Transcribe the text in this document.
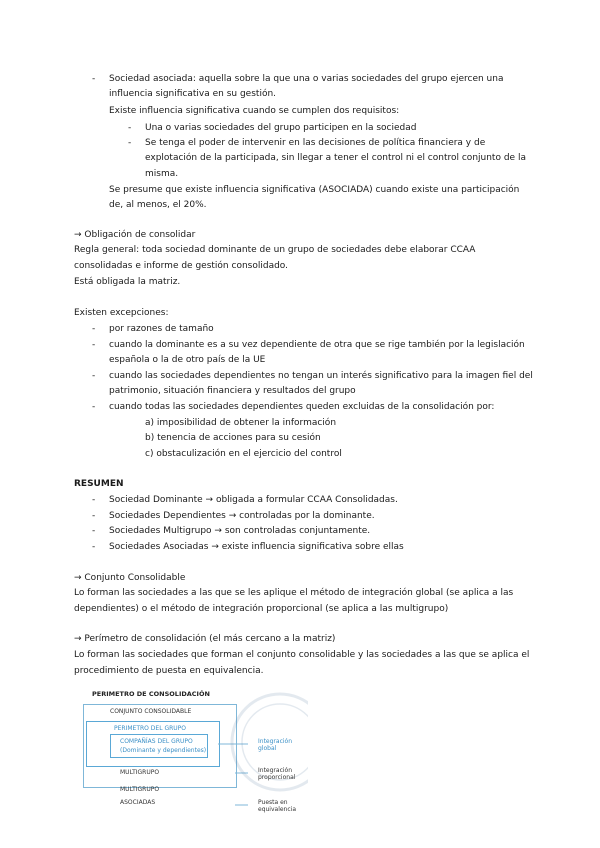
- Sociedad asociada: aquella sobre la que una o varias sociedades del grupo ejercen una
influencia significativa en su gestión.
Existe influencia significativa cuando se cumplen dos requisitos:
- Una o varias sociedades del grupo participen en la sociedad
- Se tenga el poder de intervenir en las decisiones de política financiera y de
explotación de la participada, sin llegar a tener el control ni el control conjunto de la
misma.
Se presume que existe influencia significativa (ASOCIADA) cuando existe una participación
de, al menos, el 20%.
→ Obligación de consolidar
Regla general: toda sociedad dominante de un grupo de sociedades debe elaborar CCAA
consolidadas e informe de gestión consolidado.
Está obligada la matriz.
Existen excepciones:
- por razones de tamaño
- cuando la dominante es a su vez dependiente de otra que se rige también por la legislación
española o la de otro país de la UE
- cuando las sociedades dependientes no tengan un interés significativo para la imagen fiel del
patrimonio, situación financiera y resultados del grupo
- cuando todas las sociedades dependientes queden excluidas de la consolidación por:
a) imposibilidad de obtener la información
b) tenencia de acciones para su cesión
c) obstaculización en el ejercicio del control
RESUMEN
- Sociedad Dominante → obligada a formular CCAA Consolidadas.
- Sociedades Dependientes → controladas por la dominante.
- Sociedades Multigrupo → son controladas conjuntamente.
- Sociedades Asociadas → existe influencia significativa sobre ellas
→ Conjunto Consolidable
Lo forman las sociedades a las que se les aplique el método de integración global (se aplica a las
dependientes) o el método de integración proporcional (se aplica a las multigrupo)
→ Perímetro de consolidación (el más cercano a la matriz)
Lo forman las sociedades que forman el conjunto consolidable y las sociedades a las que se aplica el
procedimiento de puesta en equivalencia.
PERIMETRO DE CONSOLIDACIÓN
CONJUNTO CONSOLIDABLE
PERIMETRO DEL GRUPO
COMPAÑÍAS DEL GRUPO
(Dominante y dependientes)
MULTIGRUPO
MULTIGRUPO
ASOCIADAS
Integración
global
Integración
proporcional
Puesta en
equivalencia
